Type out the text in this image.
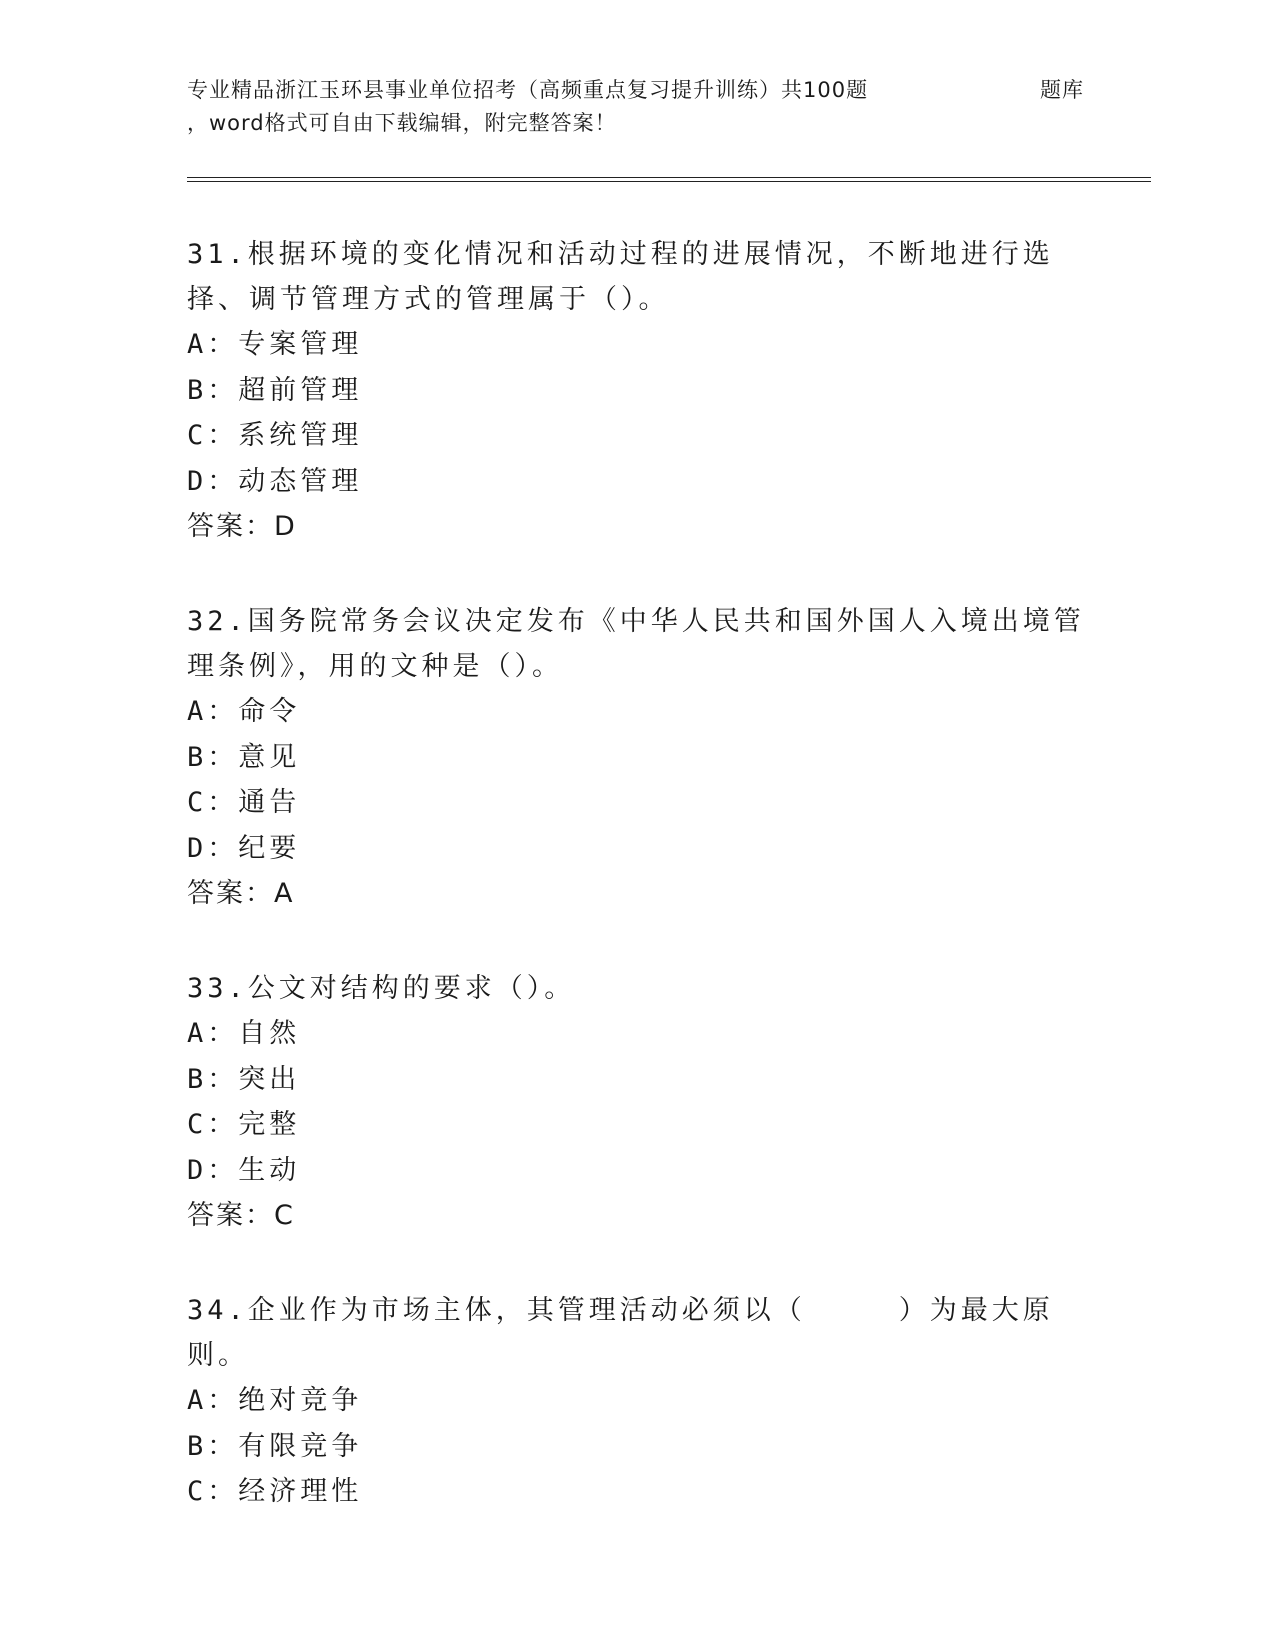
专业精品浙江玉环县事业单位招考（高频重点复习提升训练）共100题	题库
，word格式可自由下载编辑，附完整答案！
31.根据环境的变化情况和活动过程的进展情况，不断地进行选择、调节管理方式的管理属于（）。
A：专案管理
B：超前管理
C：系统管理
D：动态管理
答案：D
32.国务院常务会议决定发布《中华人民共和国外国人入境出境管理条例》，用的文种是（）。
A：命令
B：意见
C：通告
D：纪要
答案：A
33.公文对结构的要求（）。
A：自然
B：突出
C：完整
D：生动
答案：C
34.企业作为市场主体，其管理活动必须以（　　　）为最大原则。
A：绝对竞争
B：有限竞争
C：经济理性
